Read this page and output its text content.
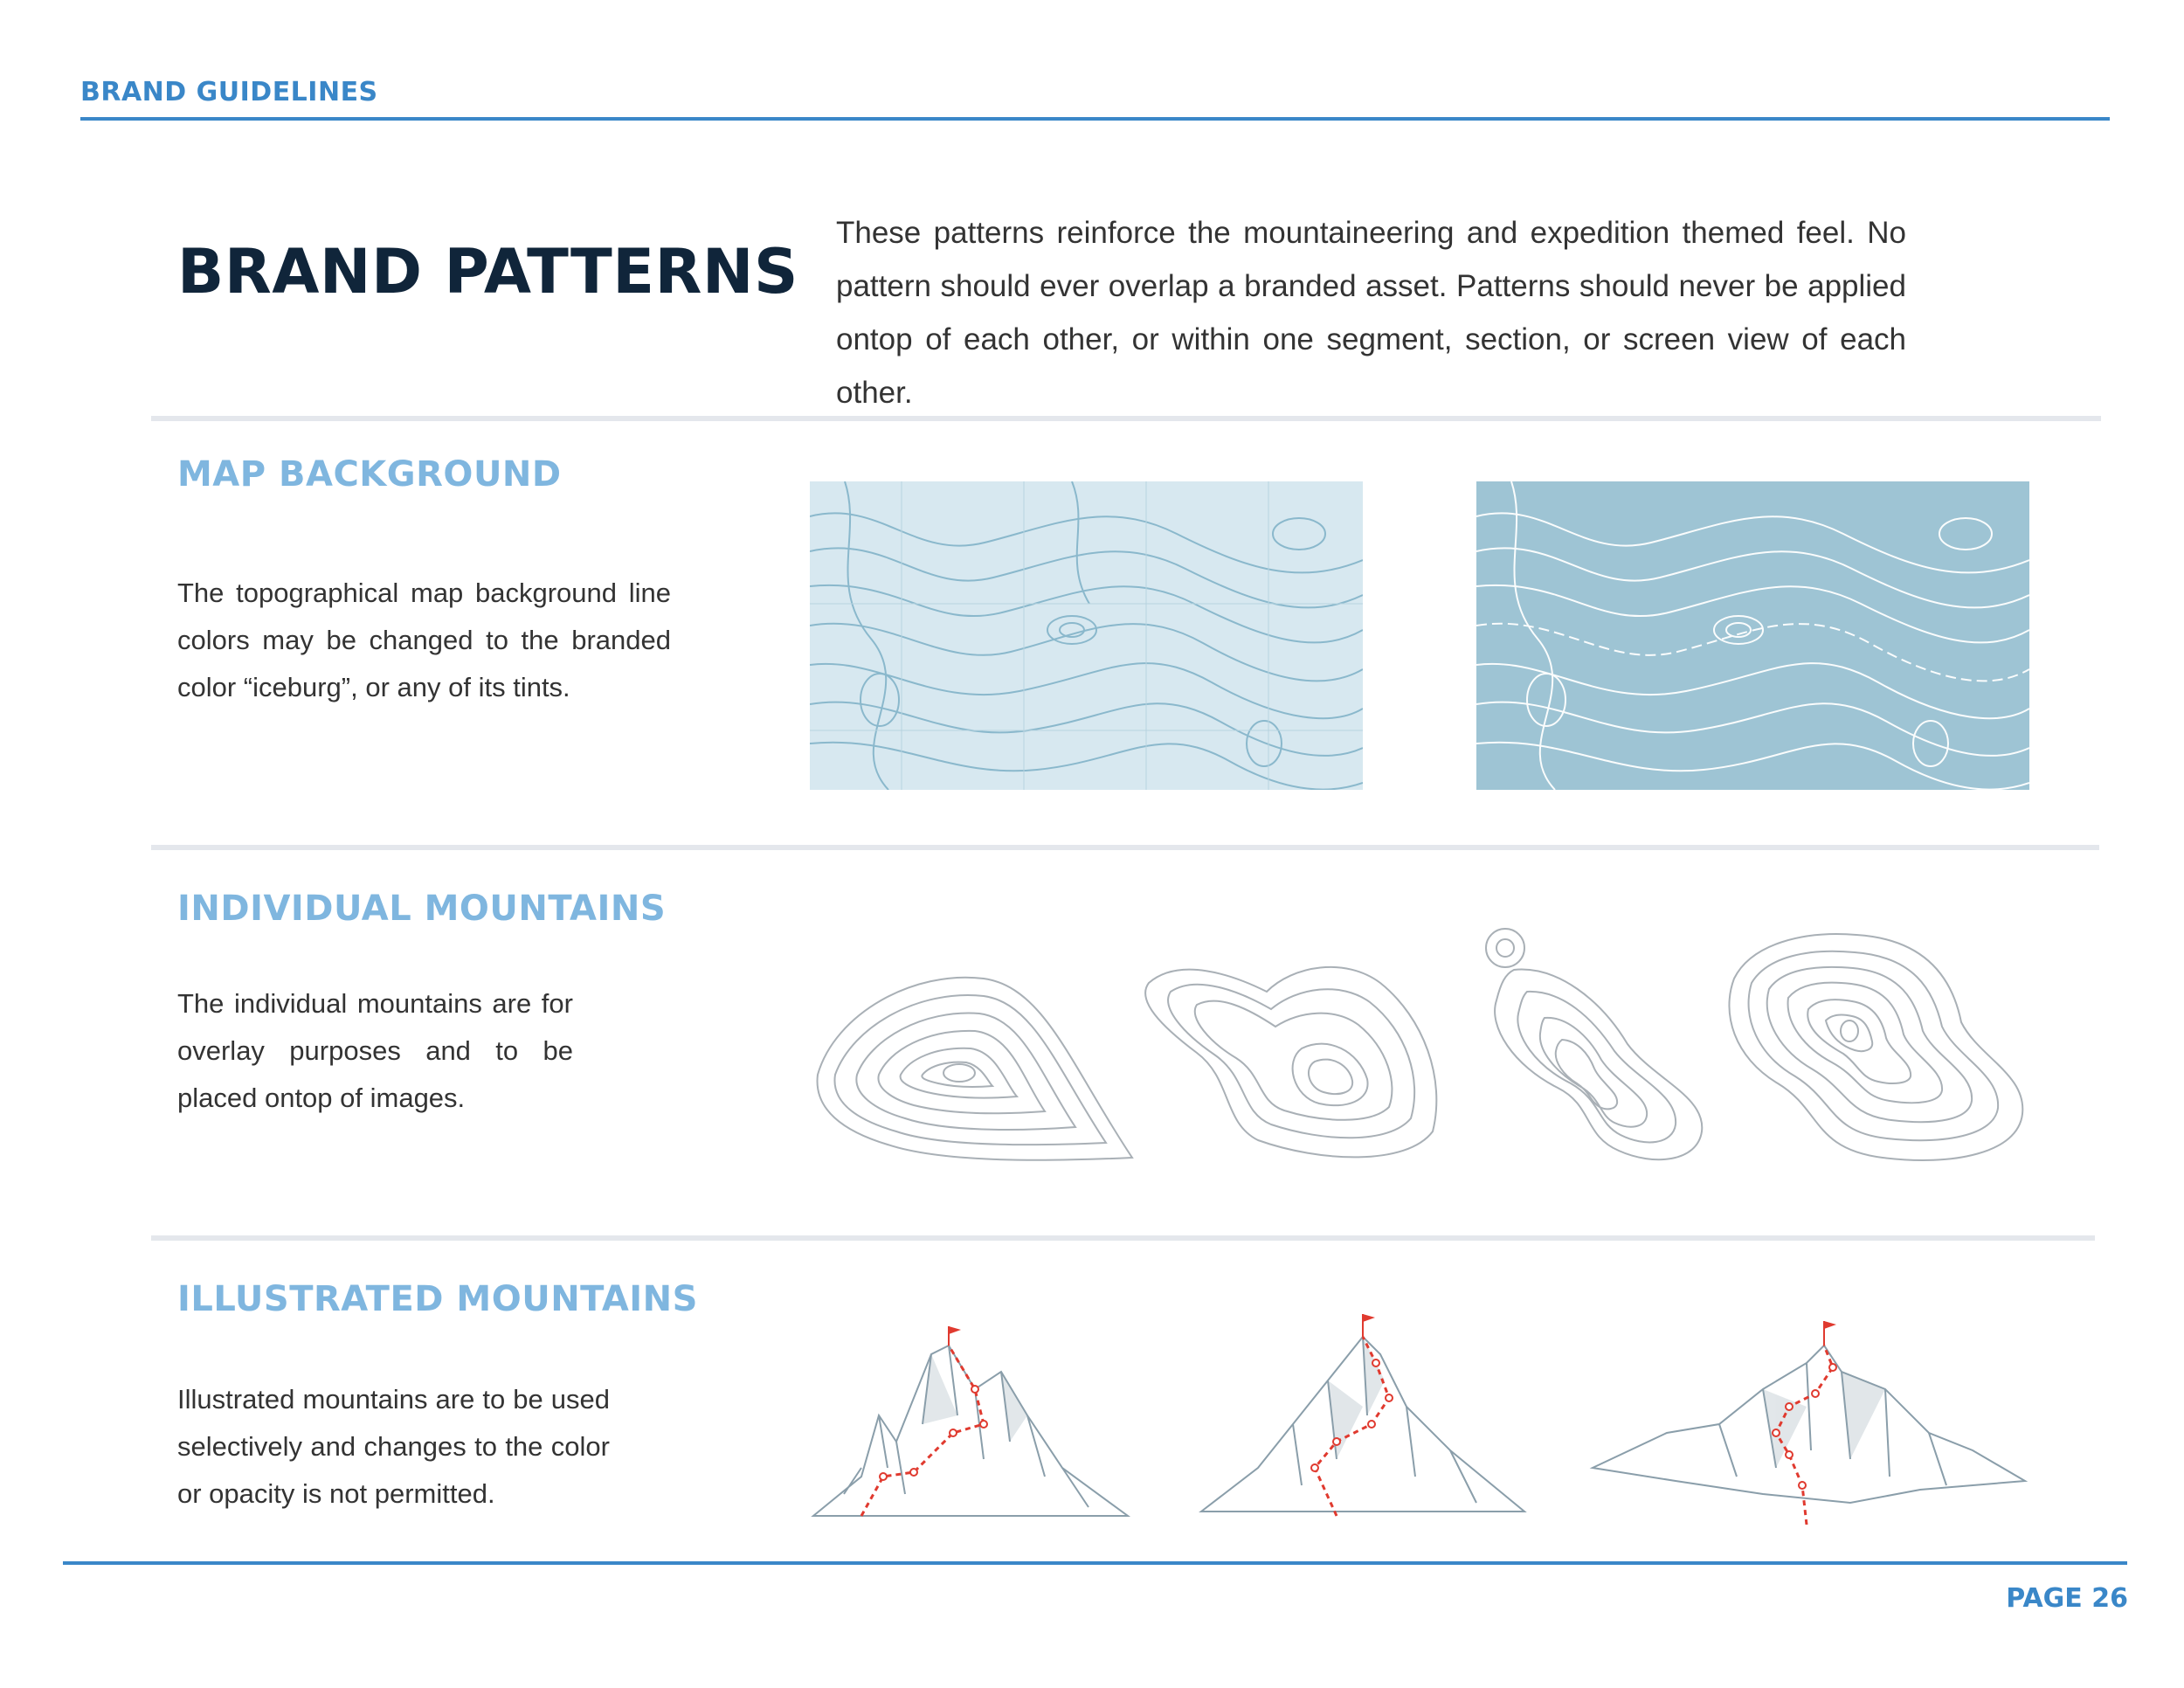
BRAND GUIDELINES
BRAND PATTERNS
These patterns reinforce the mountaineering and expedition themed feel. No pattern should ever overlap a branded asset. Patterns should never be applied ontop of each other, or within one segment, section, or screen view of each other.
MAP BACKGROUND
The topographical map background line colors may be changed to the branded color “iceburg”, or any of its tints.
INDIVIDUAL MOUNTAINS
The individual mountains are for overlay purposes and to be placed ontop of images.
ILLUSTRATED MOUNTAINS
Illustrated mountains are to be used selectively and changes to the color or opacity is not permitted.
PAGE 26
